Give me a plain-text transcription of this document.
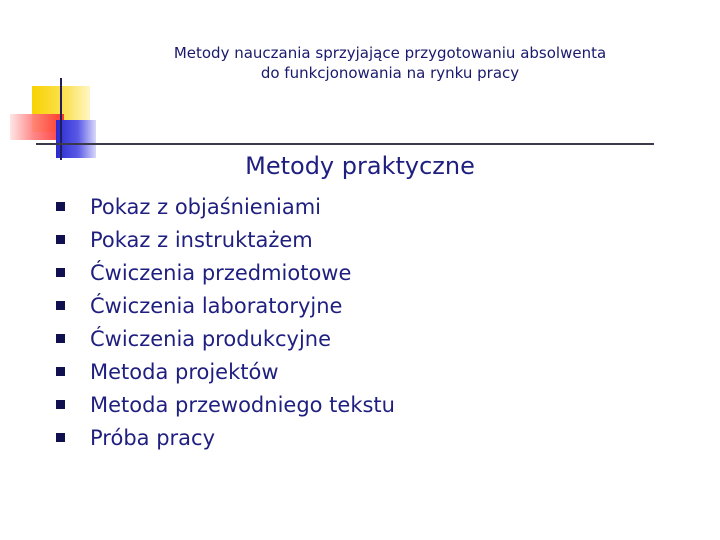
Metody nauczania sprzyjające przygotowaniu absolwenta
do funkcjonowania na rynku pracy
Metody praktyczne
Pokaz z objaśnieniami
Pokaz z instruktażem
Ćwiczenia przedmiotowe
Ćwiczenia laboratoryjne
Ćwiczenia produkcyjne
Metoda projektów
Metoda przewodniego tekstu
Próba pracy
